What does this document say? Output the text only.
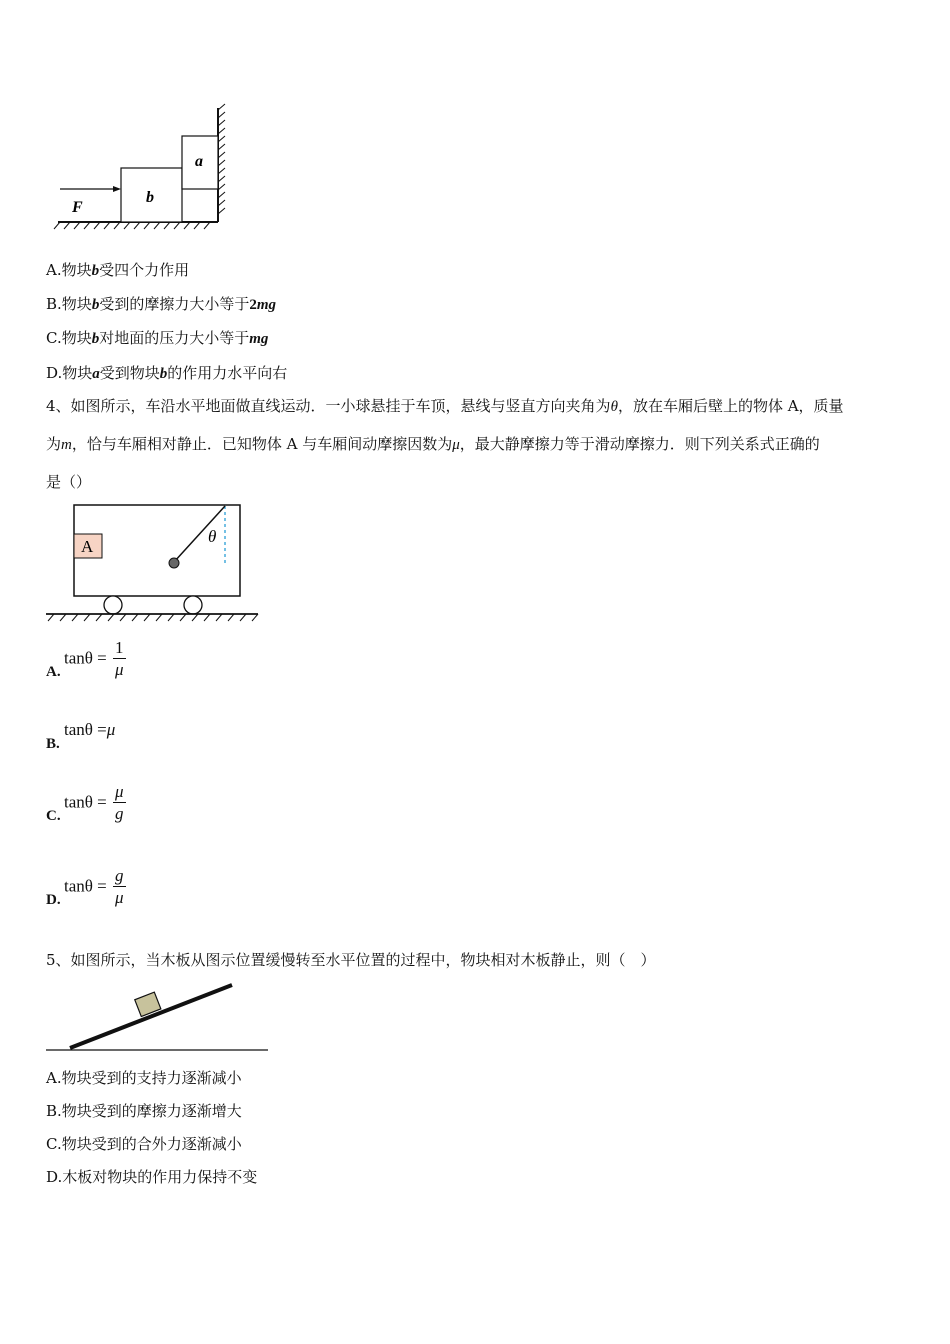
a
b
F
A.物块b受四个力作用
B.物块b受到的摩擦力大小等于2mg
C.物块b对地面的压力大小等于mg
D.物块a受到物块b的作用力水平向右
4、如图所示，车沿水平地面做直线运动．一小球悬挂于车顶，悬线与竖直方向夹角为θ，放在车厢后壁上的物体 A，质量
为m，恰与车厢相对静止．已知物体 A 与车厢间动摩擦因数为μ，最大静摩擦力等于滑动摩擦力．则下列关系式正确的
是（）
A
θ
A.
$\tan\theta = \frac{1}{\mu}$
B.
tanθ =μ
C.
$\tan\theta = \frac{\mu}{g}$
D.
$\tan\theta = \frac{g}{\mu}$
5、如图所示，当木板从图示位置缓慢转至水平位置的过程中，物块相对木板静止，则（　）
A.物块受到的支持力逐渐减小
B.物块受到的摩擦力逐渐增大
C.物块受到的合外力逐渐减小
D.木板对物块的作用力保持不变
